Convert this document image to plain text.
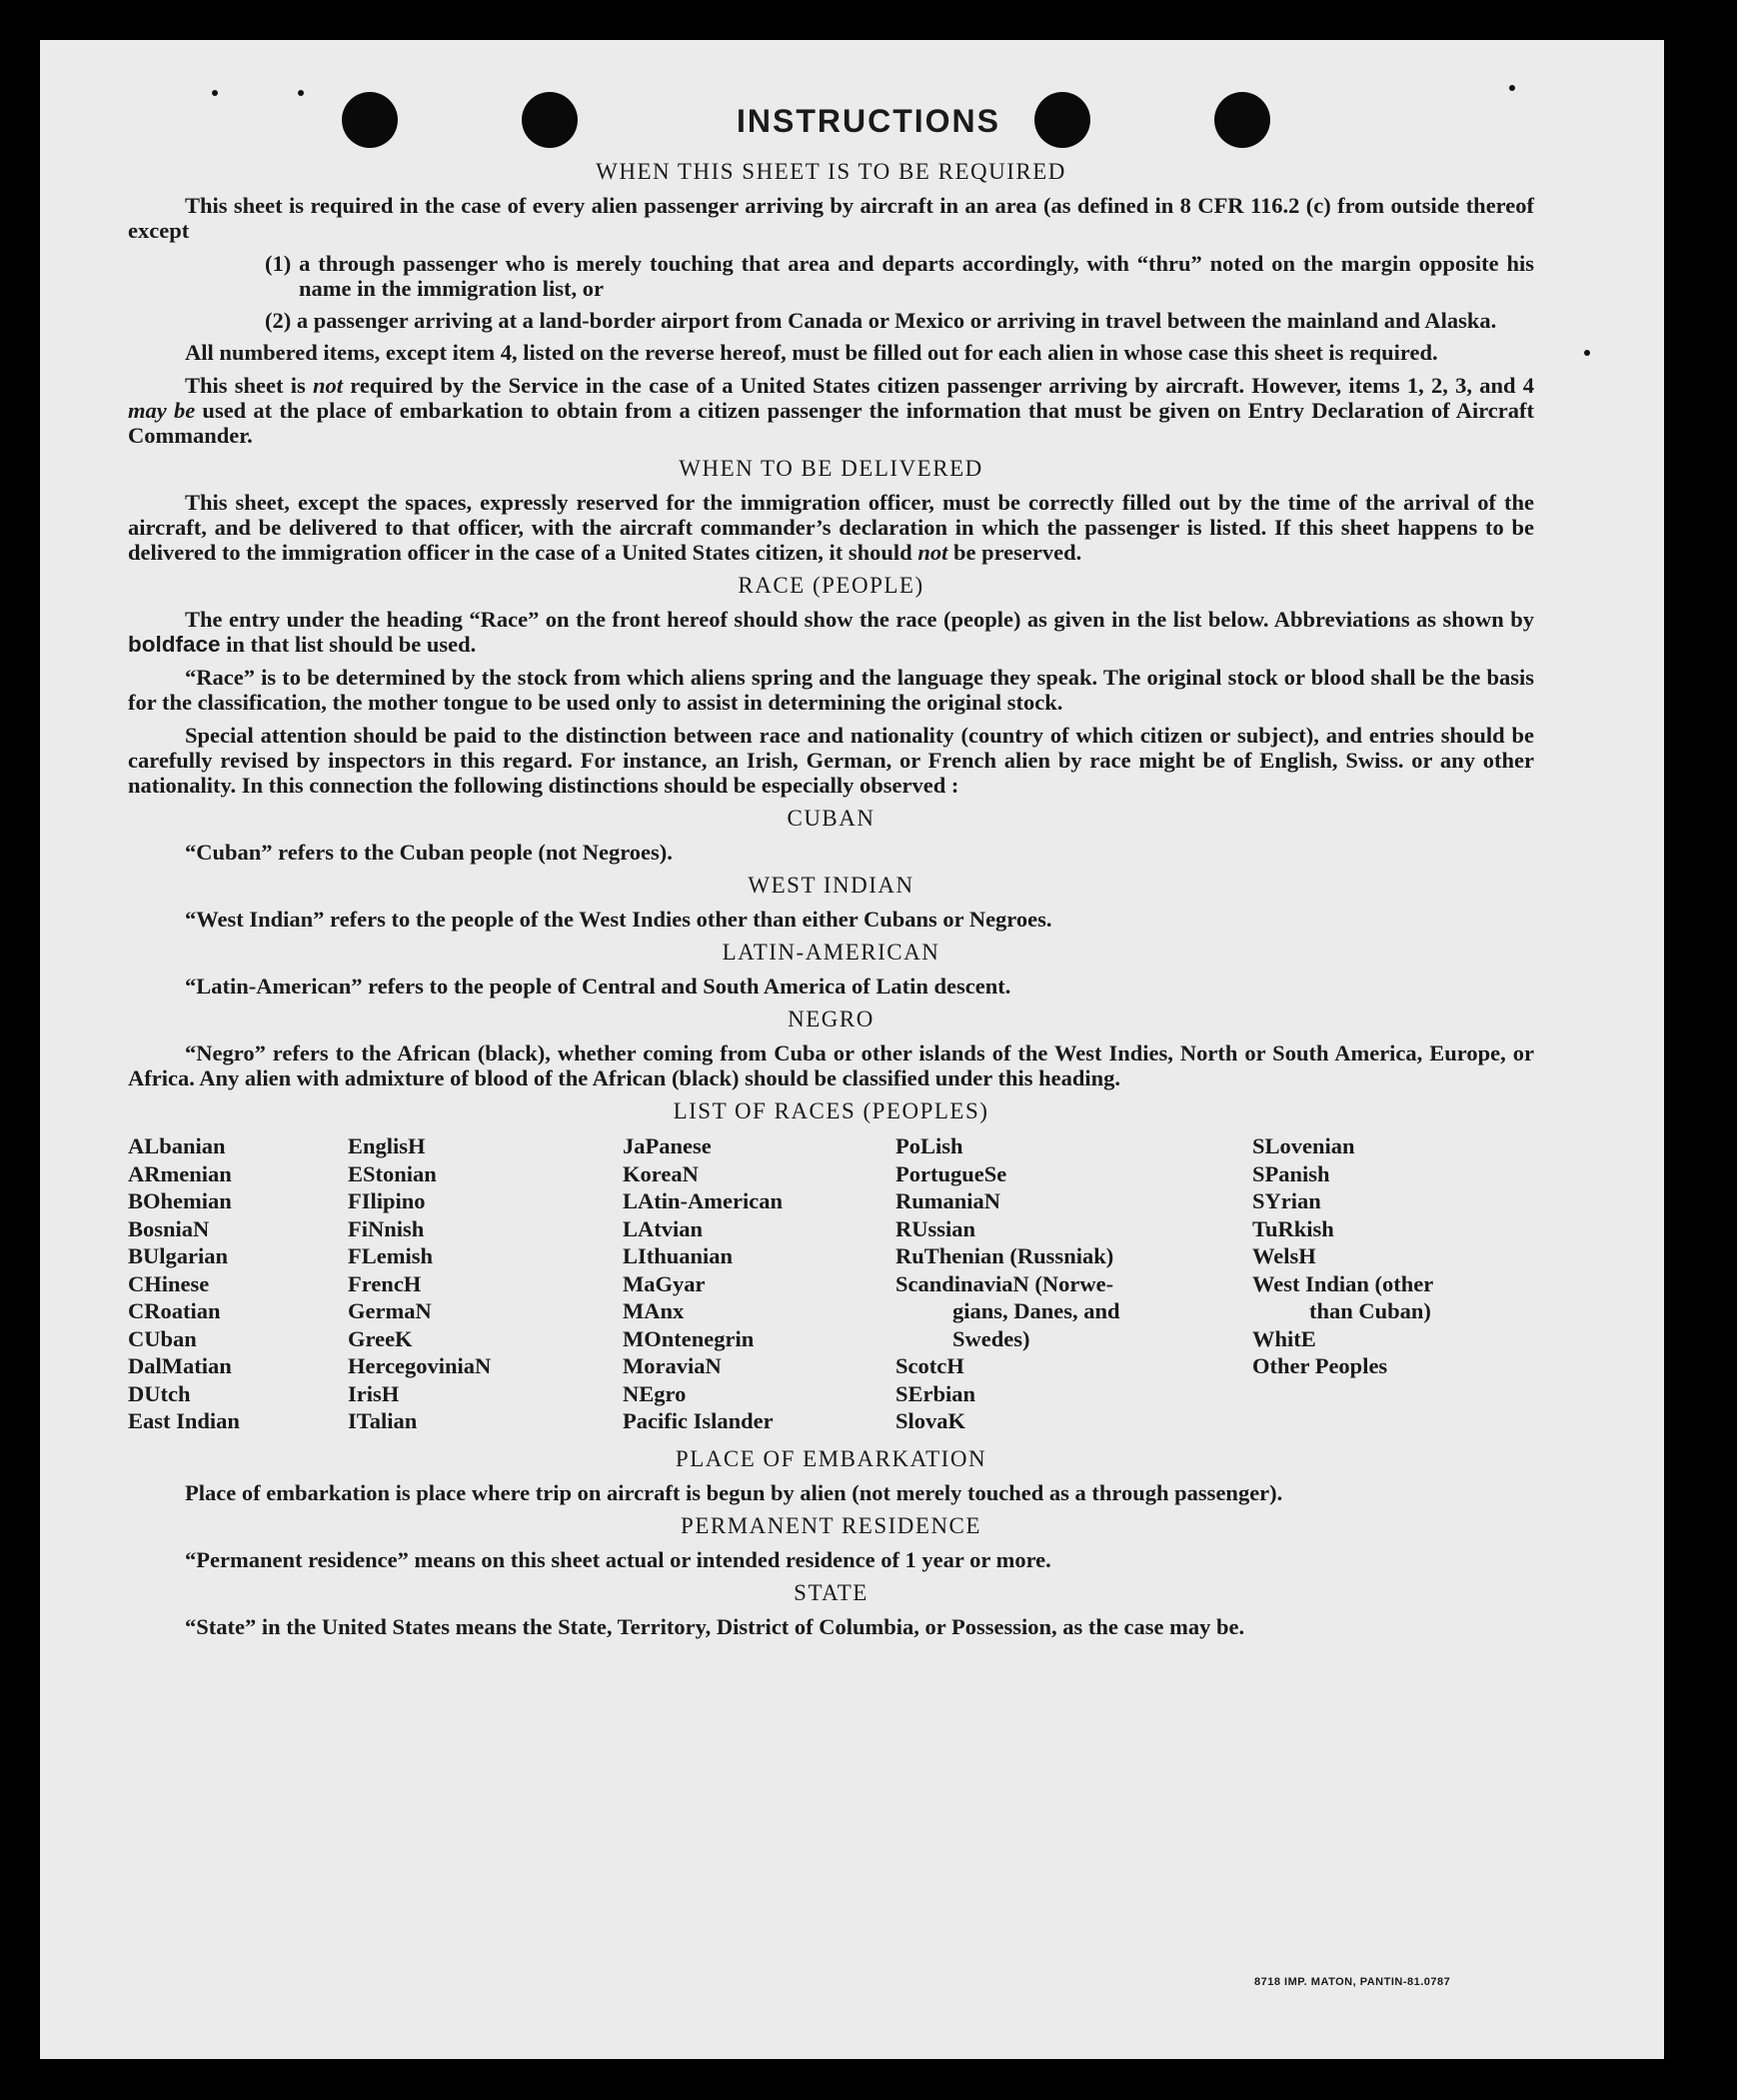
INSTRUCTIONS
WHEN THIS SHEET IS TO BE REQUIRED

This sheet is required in the case of every alien passenger arriving by aircraft in an area (as defined in 8 CFR 116.2 (c) from outside thereof except

(1) a through passenger who is merely touching that area and departs accordingly, with “thru” noted on the margin opposite his name in the immigration list, or

(2) a passenger arriving at a land-border airport from Canada or Mexico or arriving in travel between the mainland and Alaska.

All numbered items, except item 4, listed on the reverse hereof, must be filled out for each alien in whose case this sheet is required.

This sheet is not required by the Service in the case of a United States citizen passenger arriving by aircraft. However, items 1, 2, 3, and 4 may be used at the place of embarkation to obtain from a citizen passenger the information that must be given on Entry Declaration of Aircraft Commander.

WHEN TO BE DELIVERED

This sheet, except the spaces, expressly reserved for the immigration officer, must be correctly filled out by the time of the arrival of the aircraft, and be delivered to that officer, with the aircraft commander’s declaration in which the passenger is listed. If this sheet happens to be delivered to the immigration officer in the case of a United States citizen, it should not be preserved.

RACE (PEOPLE)

The entry under the heading “Race” on the front hereof should show the race (people) as given in the list below. Abbreviations as shown by boldface in that list should be used.

“Race” is to be determined by the stock from which aliens spring and the language they speak. The original stock or blood shall be the basis for the classification, the mother tongue to be used only to assist in determining the original stock.

Special attention should be paid to the distinction between race and nationality (country of which citizen or subject), and entries should be carefully revised by inspectors in this regard. For instance, an Irish, German, or French alien by race might be of English, Swiss. or any other nationality. In this connection the following distinctions should be especially observed :

CUBAN

“Cuban” refers to the Cuban people (not Negroes).

WEST INDIAN

“West Indian” refers to the people of the West Indies other than either Cubans or Negroes.

LATIN-AMERICAN

“Latin-American” refers to the people of Central and South America of Latin descent.

NEGRO

“Negro” refers to the African (black), whether coming from Cuba or other islands of the West Indies, North or South America, Europe, or Africa. Any alien with admixture of blood of the African (black) should be classified under this heading.

LIST OF RACES (PEOPLES)
ALbanian
ARmenian
BOhemian
BosniaN
BUlgarian
CHinese
CRoatian
CUban
DalMatian
DUtch
East Indian
EnglisH
EStonian
FIlipino
FiNnish
FLemish
FrencH
GermaN
GreeK
HercegoviniaN
IrisH
ITalian
JaPanese
KoreaN
LAtin-American
LAtvian
LIthuanian
MaGyar
MAnx
MOntenegrin
MoraviaN
NEgro
Pacific Islander
PoLish
PortugueSe
RumaniaN
RUssian
RuThenian (Russniak)
ScandinaviaN (Norwe-
gians, Danes, and
Swedes)
ScotcH
SErbian
SlovaK
SLovenian
SPanish
SYrian
TuRkish
WelsH
West Indian (other
than Cuban)
WhitE
Other Peoples
PLACE OF EMBARKATION

Place of embarkation is place where trip on aircraft is begun by alien (not merely touched as a through passenger).

PERMANENT RESIDENCE

“Permanent residence” means on this sheet actual or intended residence of 1 year or more.

STATE

“State” in the United States means the State, Territory, District of Columbia, or Possession, as the case may be.

8718 IMP. MATON, PANTIN-81.0787
